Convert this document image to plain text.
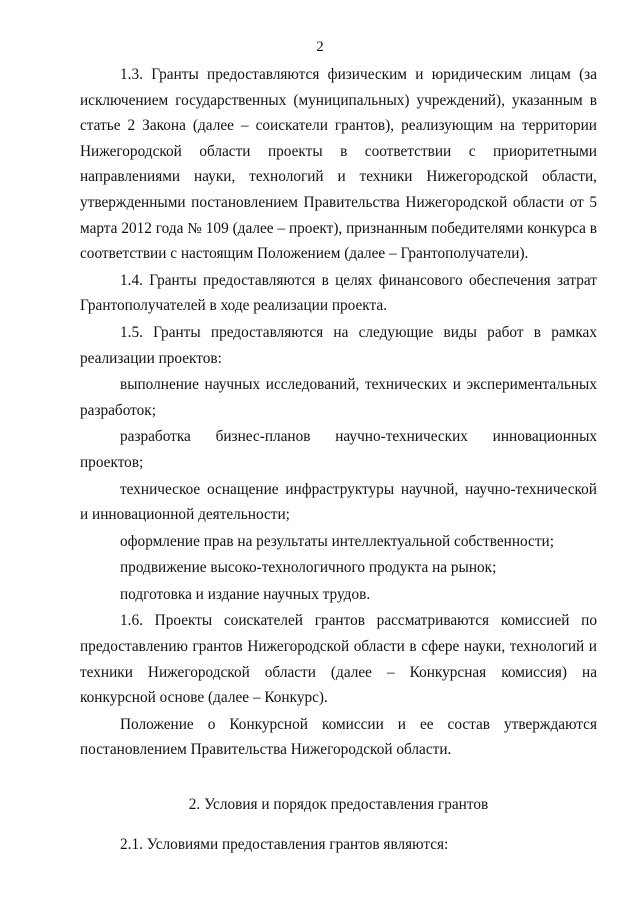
2

1.3. Гранты предоставляются физическим и юридическим лицам (за исключением государственных (муниципальных) учреждений), указанным в статье 2 Закона (далее – соискатели грантов), реализующим на территории Нижегородской области проекты в соответствии с приоритетными направлениями науки, технологий и техники Нижегородской области, утвержденными постановлением Правительства Нижегородской области от 5 марта 2012 года № 109 (далее – проект), признанным победителями конкурса в соответствии с настоящим Положением (далее – Грантополучатели).

1.4. Гранты предоставляются в целях финансового обеспечения затрат Грантополучателей в ходе реализации проекта.

1.5. Гранты предоставляются на следующие виды работ в рамках реализации проектов:

выполнение научных исследований, технических и экспериментальных разработок;

разработка бизнес-планов научно-технических инновационных проектов;

техническое оснащение инфраструктуры научной, научно-технической и инновационной деятельности;

оформление прав на результаты интеллектуальной собственности;

продвижение высоко-технологичного продукта на рынок;

подготовка и издание научных трудов.

1.6. Проекты соискателей грантов рассматриваются комиссией по предоставлению грантов Нижегородской области в сфере науки, технологий и техники Нижегородской области (далее – Конкурсная комиссия) на конкурсной основе (далее – Конкурс).

Положение о Конкурсной комиссии и ее состав утверждаются постановлением Правительства Нижегородской области.

2. Условия и порядок предоставления грантов

2.1. Условиями предоставления грантов являются:
